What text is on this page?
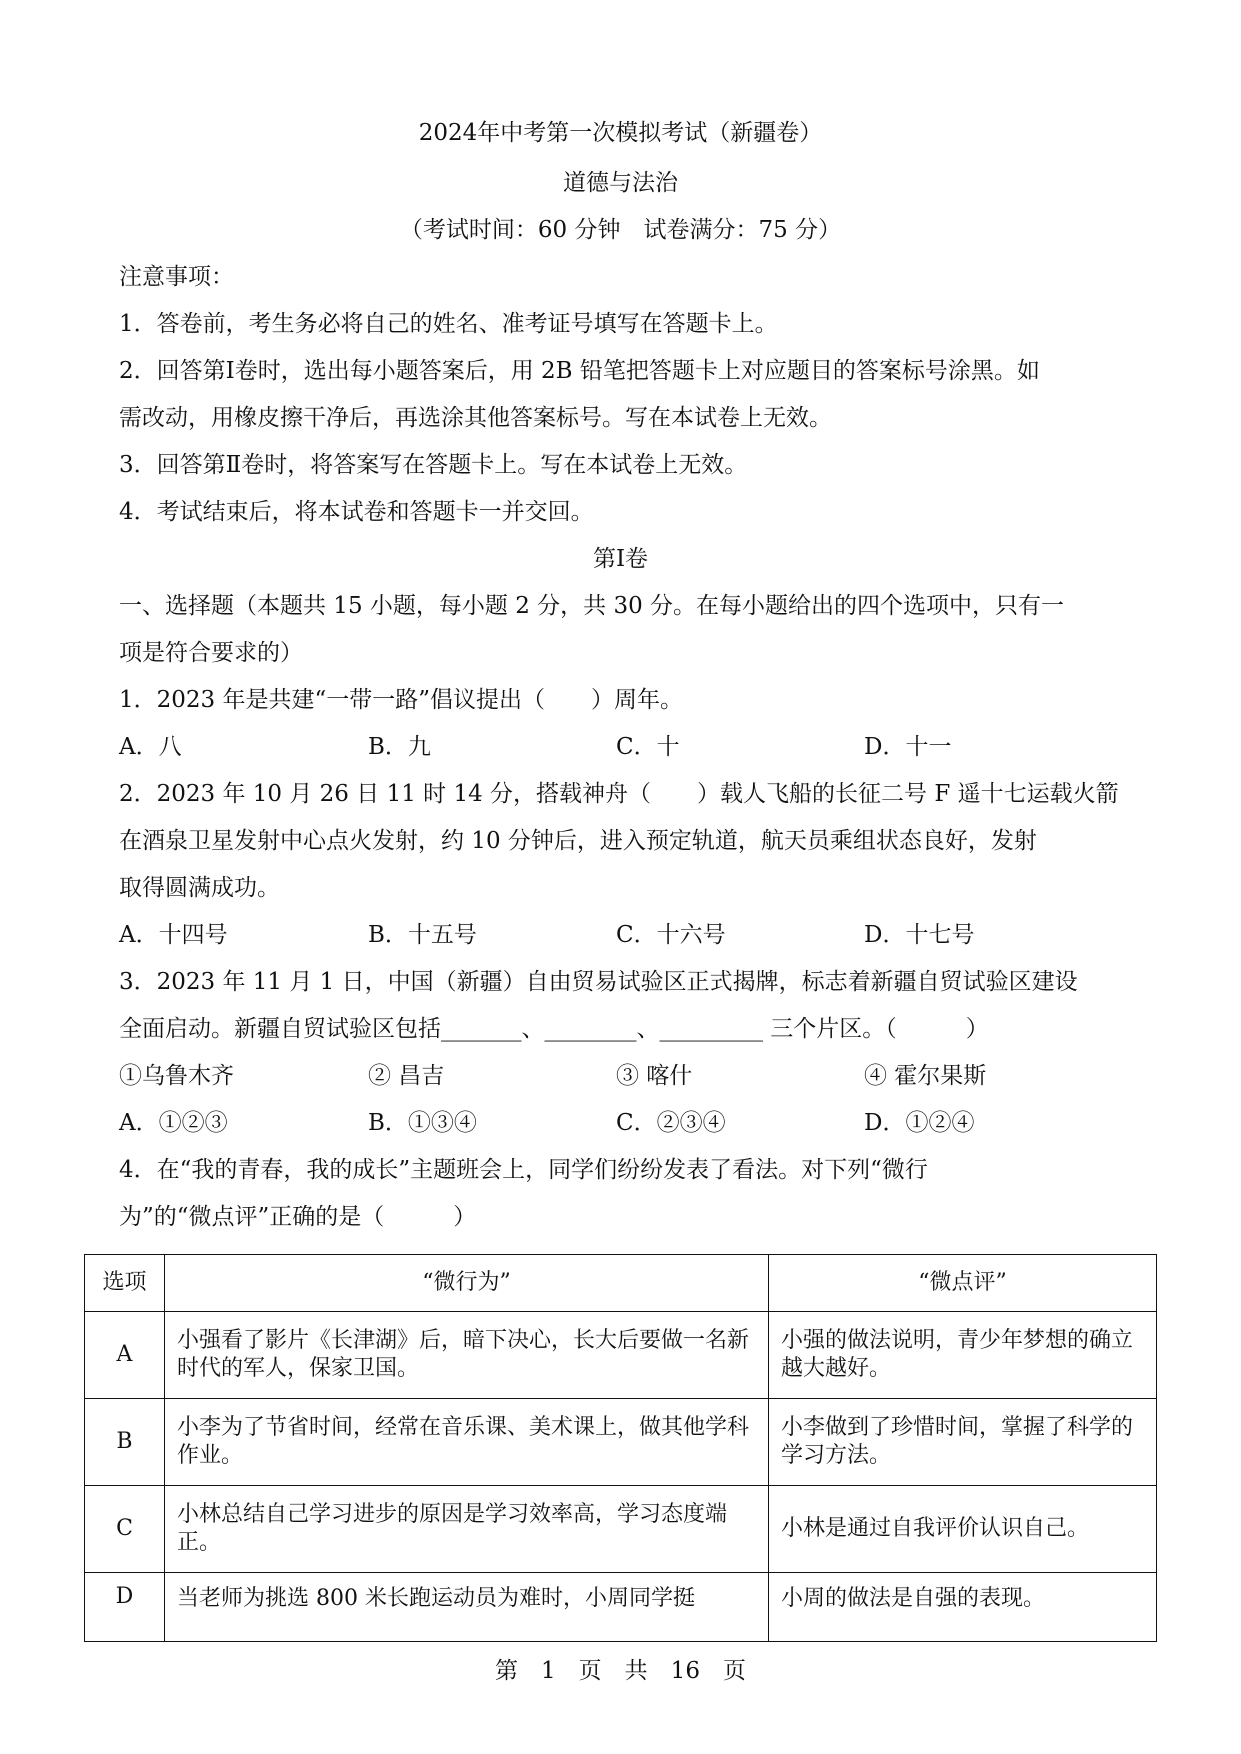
2024年中考第一次模拟考试（新疆卷）
道德与法治
（考试时间：60 分钟　试卷满分：75 分）
注意事项：
1．答卷前，考生务必将自己的姓名、准考证号填写在答题卡上。
2．回答第Ⅰ卷时，选出每小题答案后，用 2B 铅笔把答题卡上对应题目的答案标号涂黑。如
需改动，用橡皮擦干净后，再选涂其他答案标号。写在本试卷上无效。
3．回答第Ⅱ卷时，将答案写在答题卡上。写在本试卷上无效。
4．考试结束后，将本试卷和答题卡一并交回。
第Ⅰ卷
一、选择题（本题共 15 小题，每小题 2 分，共 30 分。在每小题给出的四个选项中，只有一
项是符合要求的）
1．2023 年是共建“一带一路”倡议提出（　　）周年。
A．八	B．九	C．十	D．十一
2．2023 年 10 月 26 日 11 时 14 分，搭载神舟（　　）载人飞船的长征二号 F 遥十七运载火箭
在酒泉卫星发射中心点火发射，约 10 分钟后，进入预定轨道，航天员乘组状态良好，发射
取得圆满成功。
A．十四号	B．十五号	C．十六号	D．十七号
3．2023 年 11 月 1 日，中国（新疆）自由贸易试验区正式揭牌，标志着新疆自贸试验区建设
全面启动。新疆自贸试验区包括_______、________、_________ 三个片区。（　　　）
①乌鲁木齐	② 昌吉	③ 喀什	④ 霍尔果斯
A．①②③	B．①③④	C．②③④	D．①②④
4．在“我的青春，我的成长”主题班会上，同学们纷纷发表了看法。对下列“微行
为”的“微点评”正确的是（　　　）
选项	“微行为”	“微点评”
A	小强看了影片《长津湖》后，暗下决心，长大后要做一名新时代的军人，保家卫国。	小强的做法说明，青少年梦想的确立越大越好。
B	小李为了节省时间，经常在音乐课、美术课上，做其他学科作业。	小李做到了珍惜时间，掌握了科学的学习方法。
C	小林总结自己学习进步的原因是学习效率高，学习态度端正。	小林是通过自我评价认识自己。
D	当老师为挑选 800 米长跑运动员为难时，小周同学挺	小周的做法是自强的表现。
第　1　页　共　16　页
